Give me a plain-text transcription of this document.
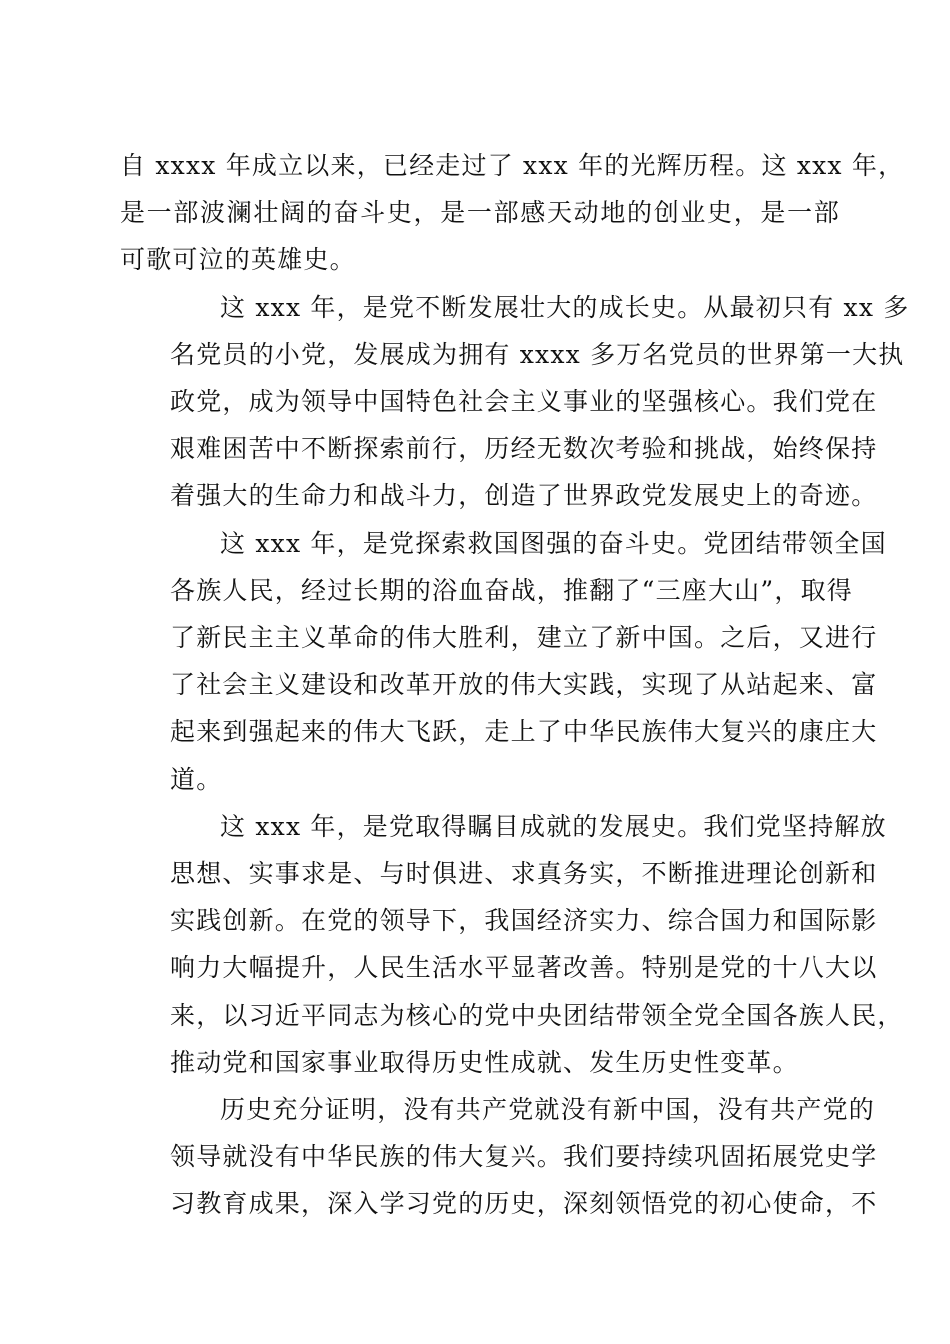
自 xxxx 年成立以来，已经走过了 xxx 年的光辉历程。这 xxx 年，
是一部波澜壮阔的奋斗史，是一部感天动地的创业史，是一部
可歌可泣的英雄史。
这 xxx 年，是党不断发展壮大的成长史。从最初只有 xx 多
名党员的小党，发展成为拥有 xxxx 多万名党员的世界第一大执
政党，成为领导中国特色社会主义事业的坚强核心。我们党在
艰难困苦中不断探索前行，历经无数次考验和挑战，始终保持
着强大的生命力和战斗力，创造了世界政党发展史上的奇迹。
这 xxx 年，是党探索救国图强的奋斗史。党团结带领全国
各族人民，经过长期的浴血奋战，推翻了“三座大山”，取得
了新民主主义革命的伟大胜利，建立了新中国。之后，又进行
了社会主义建设和改革开放的伟大实践，实现了从站起来、富
起来到强起来的伟大飞跃，走上了中华民族伟大复兴的康庄大
道。
这 xxx 年，是党取得瞩目成就的发展史。我们党坚持解放
思想、实事求是、与时俱进、求真务实，不断推进理论创新和
实践创新。在党的领导下，我国经济实力、综合国力和国际影
响力大幅提升，人民生活水平显著改善。特别是党的十八大以
来，以习近平同志为核心的党中央团结带领全党全国各族人民，
推动党和国家事业取得历史性成就、发生历史性变革。
历史充分证明，没有共产党就没有新中国，没有共产党的
领导就没有中华民族的伟大复兴。我们要持续巩固拓展党史学
习教育成果，深入学习党的历史，深刻领悟党的初心使命，不
